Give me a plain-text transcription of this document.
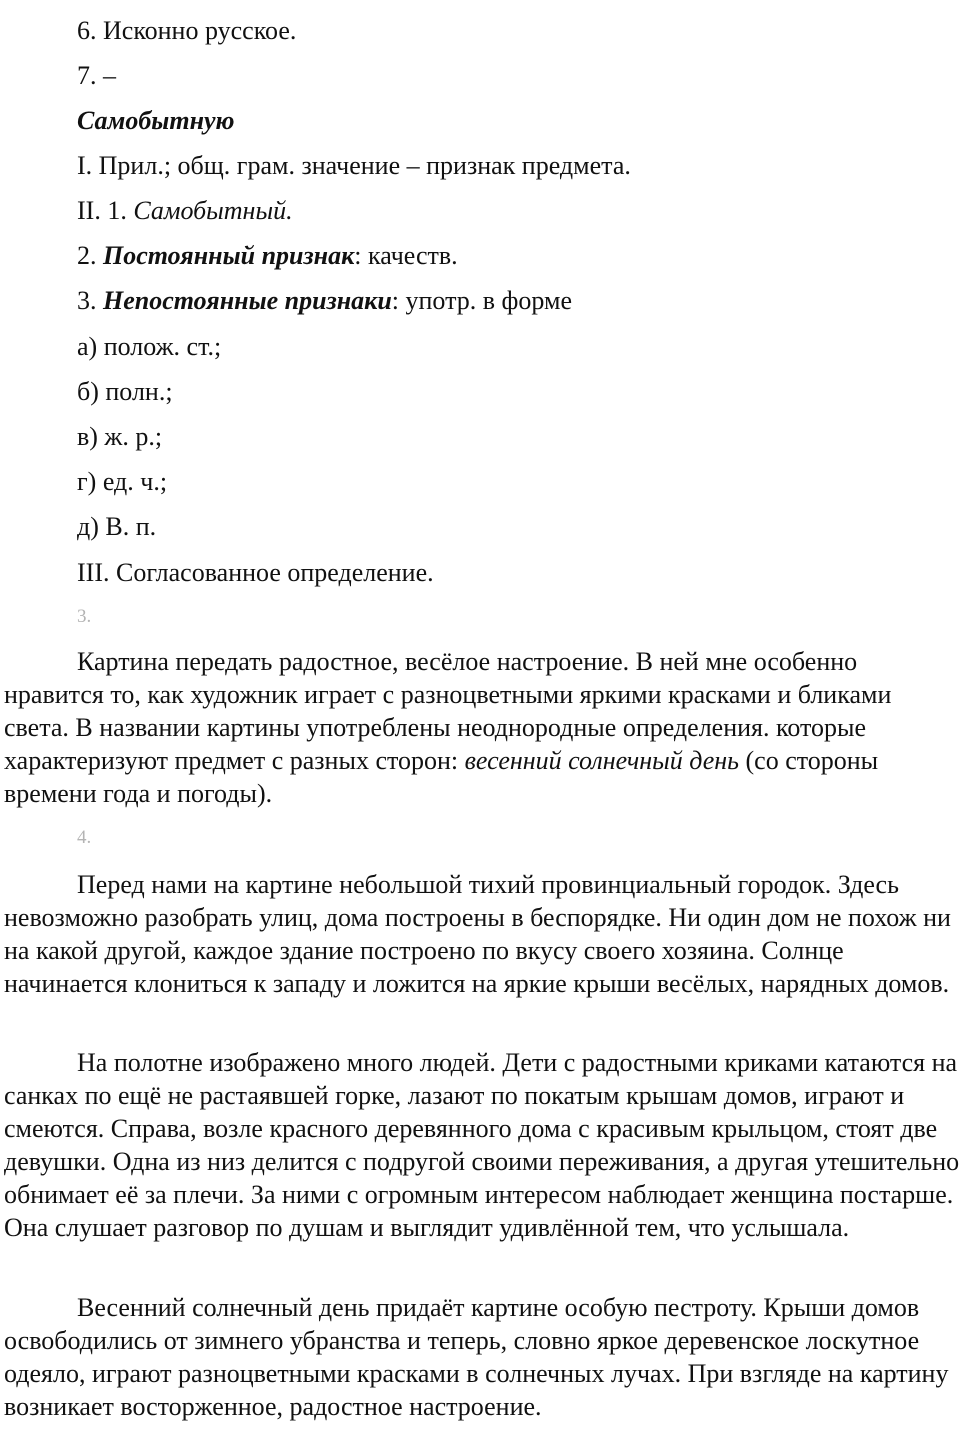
6. Исконно русское.
7. –
Самобытную
I. Прил.; общ. грам. значение – признак предмета.
II. 1. Самобытный.
2. Постоянный признак: качеств.
3. Непостоянные признаки: употр. в форме
а) полож. ст.;
б) полн.;
в) ж. р.;
г) ед. ч.;
д) В. п.
III. Согласованное определение.
3.

Картина передать радостное, весёлое настроение. В ней мне особенно нравится то, как художник играет с разноцветными яркими красками и бликами света. В названии картины употреблены неоднородные определения. которые характеризуют предмет с разных сторон: весенний солнечный день (со стороны времени года и погоды).

4.

Перед нами на картине небольшой тихий провинциальный городок. Здесь невозможно разобрать улиц, дома построены в беспорядке. Ни один дом не похож ни на какой другой, каждое здание построено по вкусу своего хозяина. Солнце начинается клониться к западу и ложится на яркие крыши весёлых, нарядных домов.

На полотне изображено много людей. Дети с радостными криками катаются на санках по ещё не растаявшей горке, лазают по покатым крышам домов, играют и смеются. Справа, возле красного деревянного дома с красивым крыльцом, стоят две девушки. Одна из низ делится с подругой своими переживания, а другая утешительно обнимает её за плечи. За ними с огромным интересом наблюдает женщина постарше. Она слушает разговор по душам и выглядит удивлённой тем, что услышала.

Весенний солнечный день придаёт картине особую пестроту. Крыши домов освободились от зимнего убранства и теперь, словно яркое деревенское лоскутное одеяло, играют разноцветными красками в солнечных лучах. При взгляде на картину возникает восторженное, радостное настроение.
